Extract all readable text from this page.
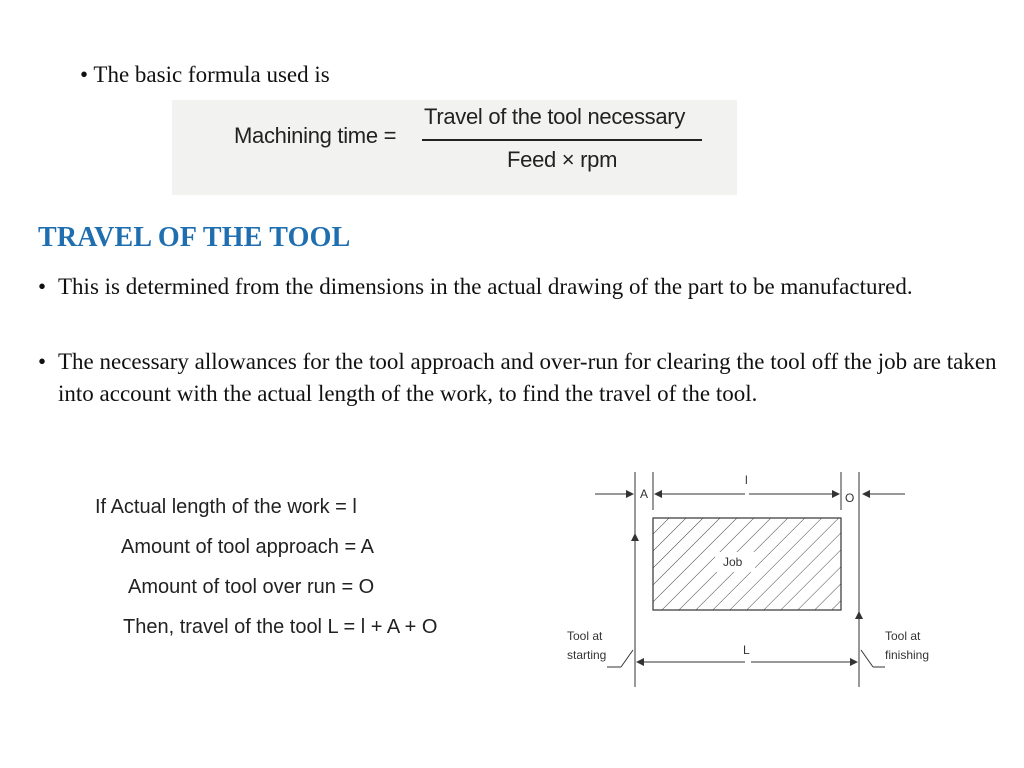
• The basic formula used is
Machining time =
Travel of the tool necessary
Feed × rpm
TRAVEL OF THE TOOL
• This is determined from the dimensions in the actual drawing of the part to be manufactured.
• The necessary allowances for the tool approach and over-run for clearing the tool off the job are taken into account with the actual length of the work, to find the travel of the tool.
If Actual length of the work = l
Amount of tool approach = A
Amount of tool over run = O
Then, travel of the tool L = l + A + O
A
l
O
Job
L
Tool at
starting
Tool at
finishing
